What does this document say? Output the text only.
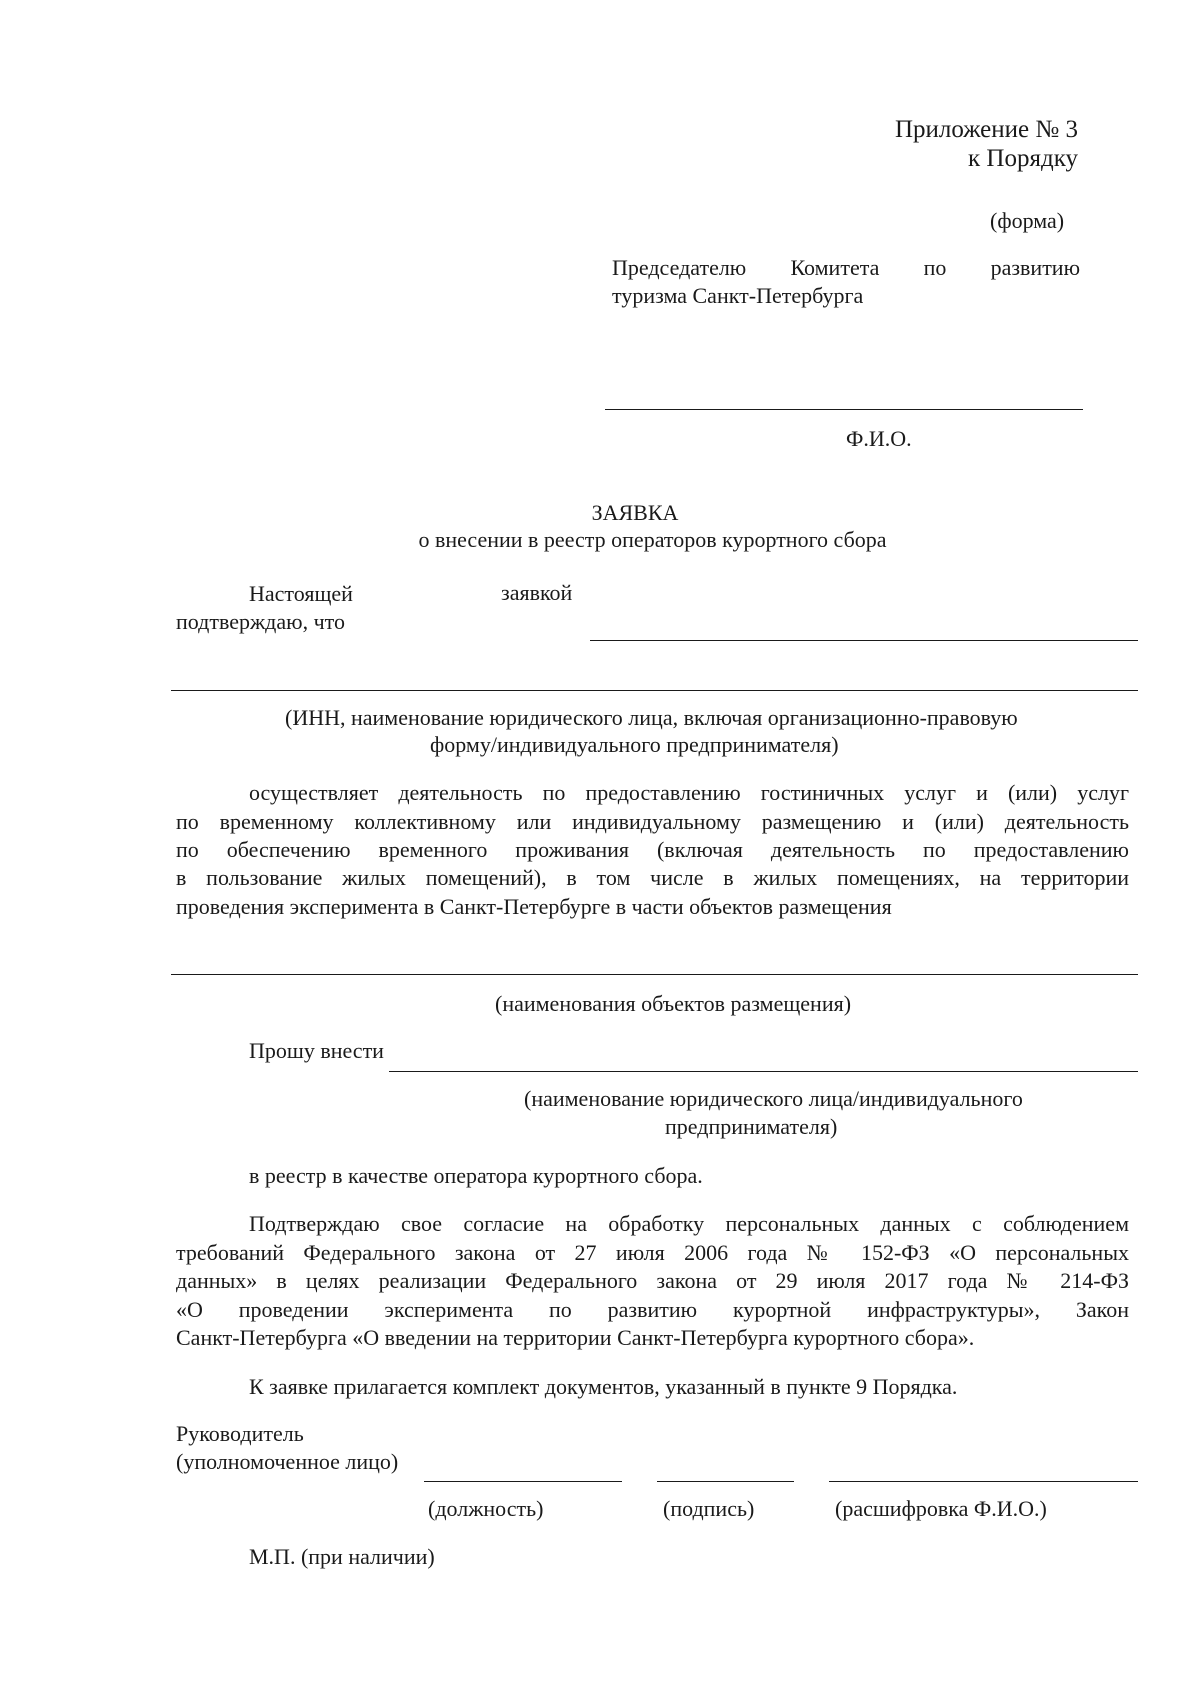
Приложение № 3
к Порядку
(форма)
Председателю Комитета по развитию
туризма Санкт-Петербурга
Ф.И.О.
ЗАЯВКА
о внесении в реестр операторов курортного сбора
Настоящей	заявкой
подтверждаю, что
(ИНН, наименование юридического лица, включая организационно-правовую
форму/индивидуального предпринимателя)
осуществляет деятельность по предоставлению гостиничных услуг и (или) услуг
по временному коллективному или индивидуальному размещению и (или) деятельность
по обеспечению временного проживания (включая деятельность по предоставлению
в пользование жилых помещений), в том числе в жилых помещениях, на территории
проведения эксперимента в Санкт-Петербурге в части объектов размещения
(наименования объектов размещения)
Прошу внести
(наименование юридического лица/индивидуального
предпринимателя)
в реестр в качестве оператора курортного сбора.
Подтверждаю свое согласие на обработку персональных данных с соблюдением
требований Федерального закона от 27 июля 2006 года № 152-ФЗ «О персональных
данных» в целях реализации Федерального закона от 29 июля 2017 года № 214-ФЗ
«О проведении эксперимента по развитию курортной инфраструктуры», Закон
Санкт-Петербурга «О введении на территории Санкт-Петербурга курортного сбора».
К заявке прилагается комплект документов, указанный в пункте 9 Порядка.
Руководитель
(уполномоченное лицо)
(должность)	(подпись)	(расшифровка Ф.И.О.)
М.П. (при наличии)
